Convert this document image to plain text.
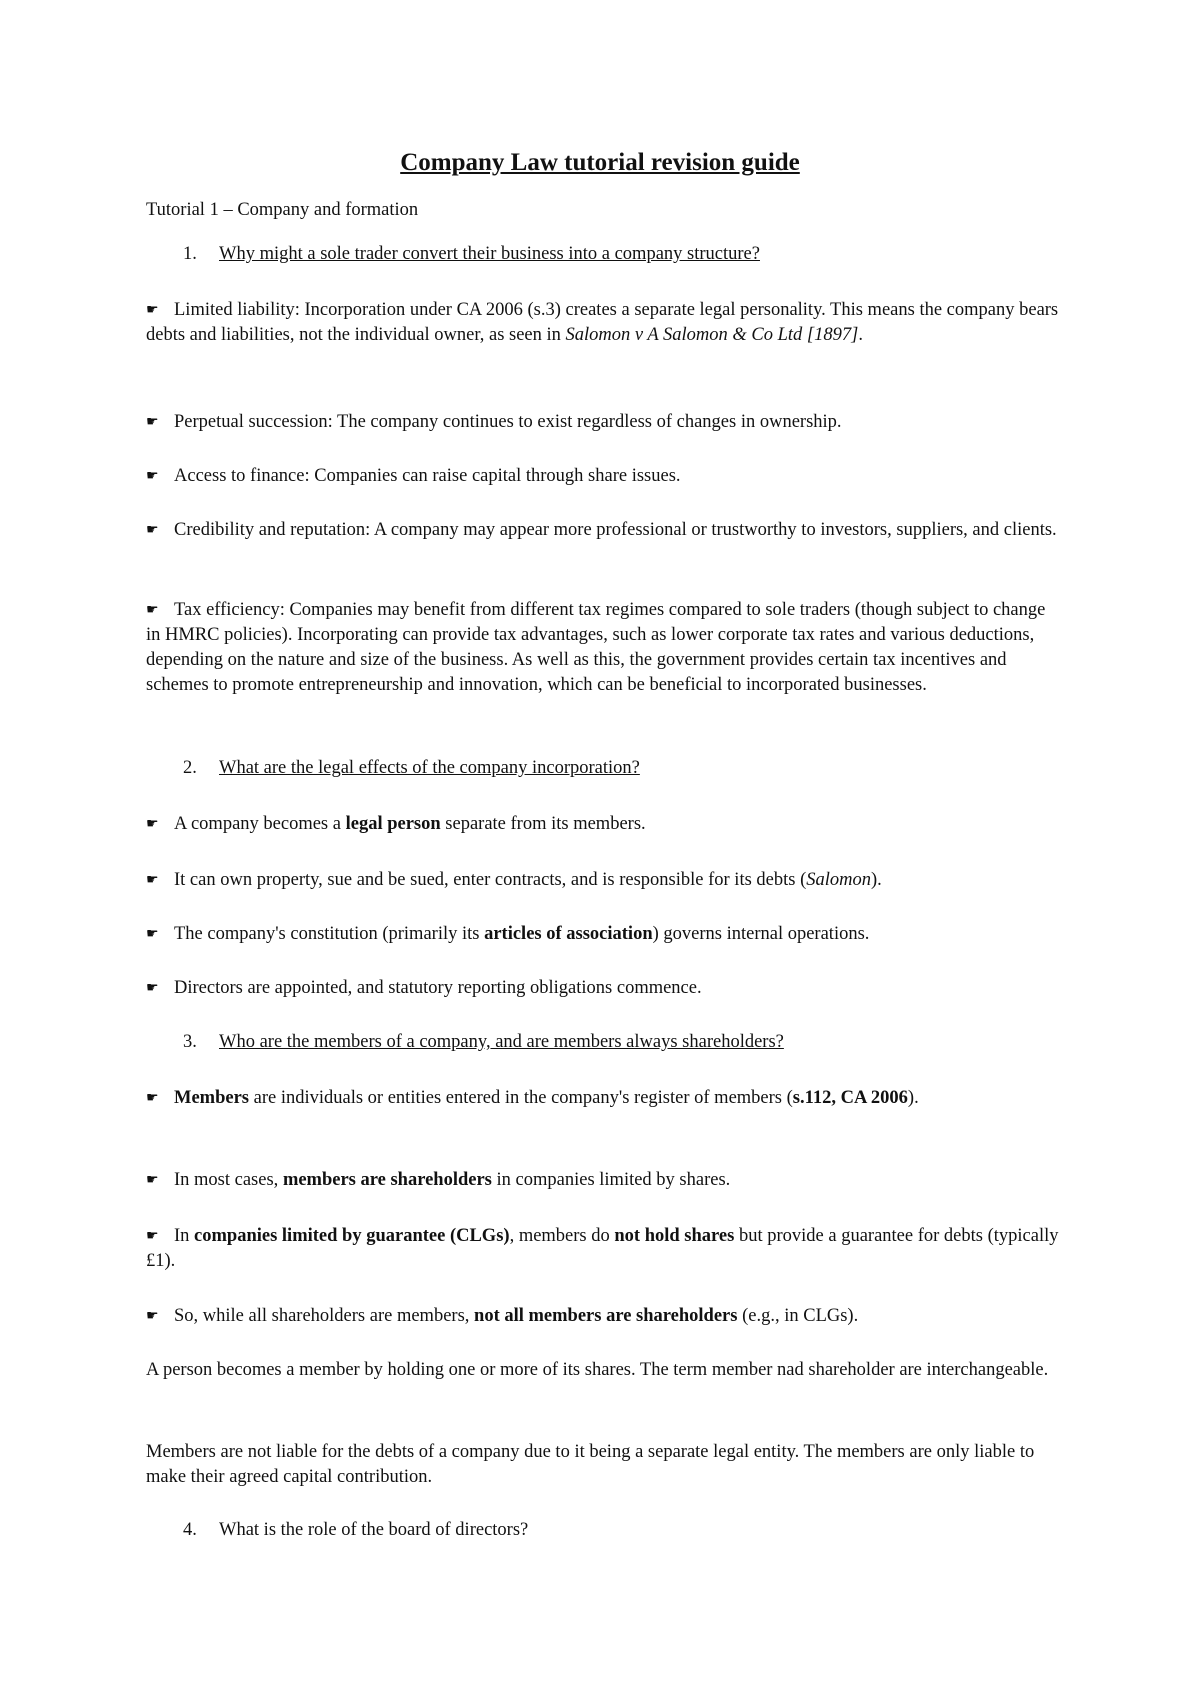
Company Law tutorial revision guide
Tutorial 1 – Company and formation
1. Why might a sole trader convert their business into a company structure?
☛ Limited liability: Incorporation under CA 2006 (s.3) creates a separate legal personality. This means the company bears debts and liabilities, not the individual owner, as seen in Salomon v A Salomon & Co Ltd [1897].
☛ Perpetual succession: The company continues to exist regardless of changes in ownership.
☛ Access to finance: Companies can raise capital through share issues.
☛ Credibility and reputation: A company may appear more professional or trustworthy to investors, suppliers, and clients.
☛ Tax efficiency: Companies may benefit from different tax regimes compared to sole traders (though subject to change in HMRC policies). Incorporating can provide tax advantages, such as lower corporate tax rates and various deductions, depending on the nature and size of the business. As well as this, the government provides certain tax incentives and schemes to promote entrepreneurship and innovation, which can be beneficial to incorporated businesses.
2. What are the legal effects of the company incorporation?
☛ A company becomes a legal person separate from its members.
☛ It can own property, sue and be sued, enter contracts, and is responsible for its debts (Salomon).
☛ The company's constitution (primarily its articles of association) governs internal operations.
☛ Directors are appointed, and statutory reporting obligations commence.
3. Who are the members of a company, and are members always shareholders?
☛ Members are individuals or entities entered in the company's register of members (s.112, CA 2006).
☛ In most cases, members are shareholders in companies limited by shares.
☛ In companies limited by guarantee (CLGs), members do not hold shares but provide a guarantee for debts (typically £1).
☛ So, while all shareholders are members, not all members are shareholders (e.g., in CLGs).
A person becomes a member by holding one or more of its shares. The term member nad shareholder are interchangeable.
Members are not liable for the debts of a company due to it being a separate legal entity. The members are only liable to make their agreed capital contribution.
4. What is the role of the board of directors?
